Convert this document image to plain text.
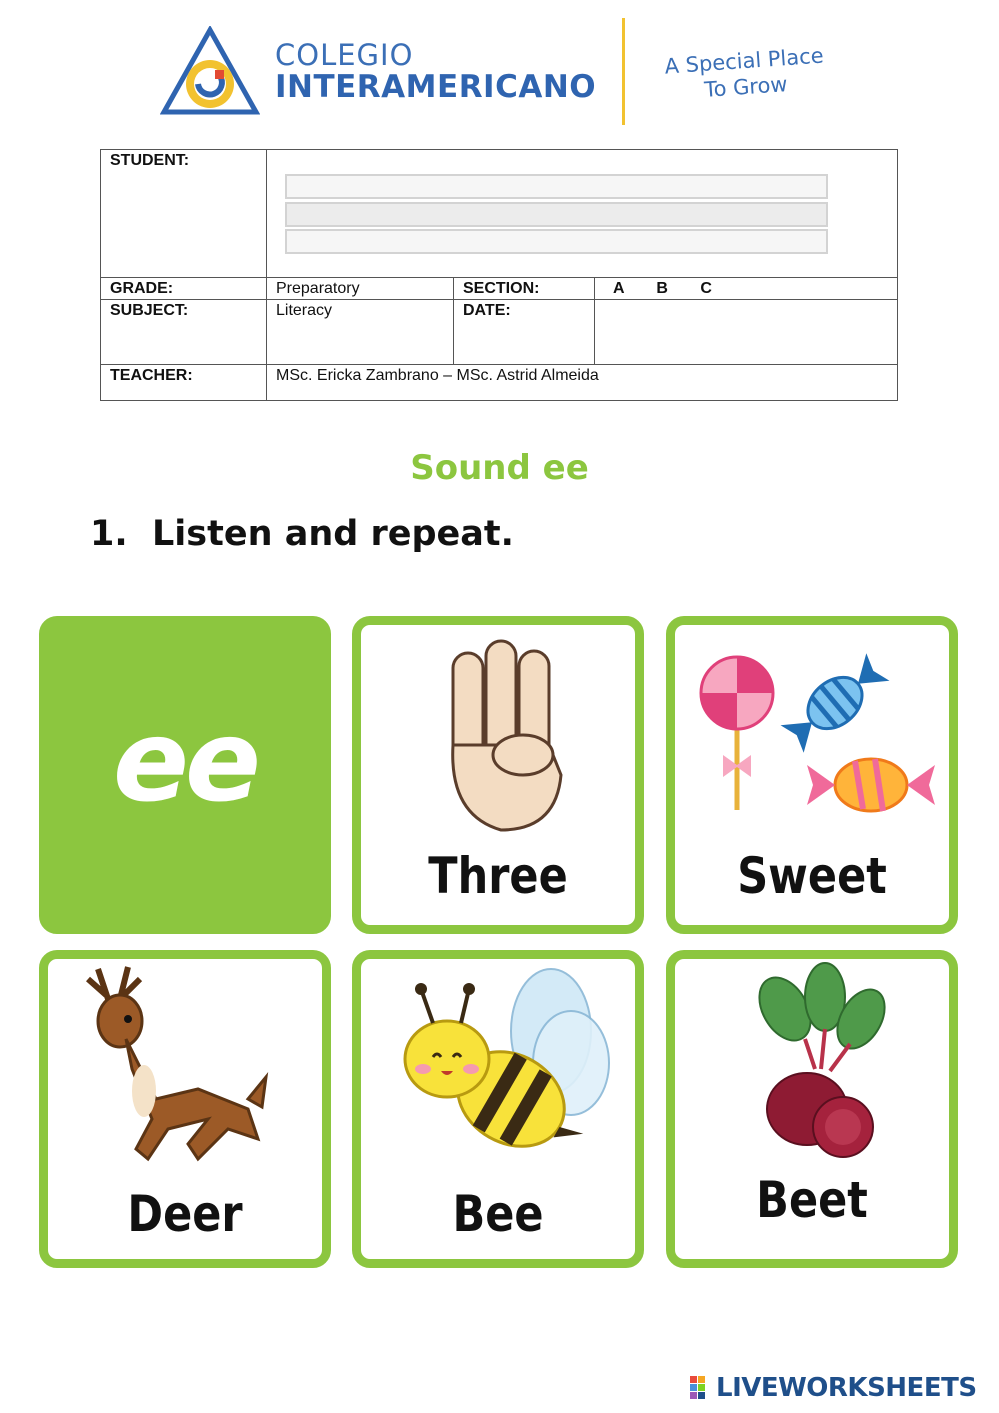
COLEGIO
INTERAMERICANO
A Special Place
To Grow
STUDENT:			

GRADE:	Preparatory	SECTION:	A B C
SUBJECT:	Literacy	DATE:	
TEACHER:	MSc. Ericka Zambrano – MSc. Astrid Almeida		
Sound ee
1. Listen and repeat.
ee
Three	Sweet
Deer	Bee	Beet
LIVEWORKSHEETS
